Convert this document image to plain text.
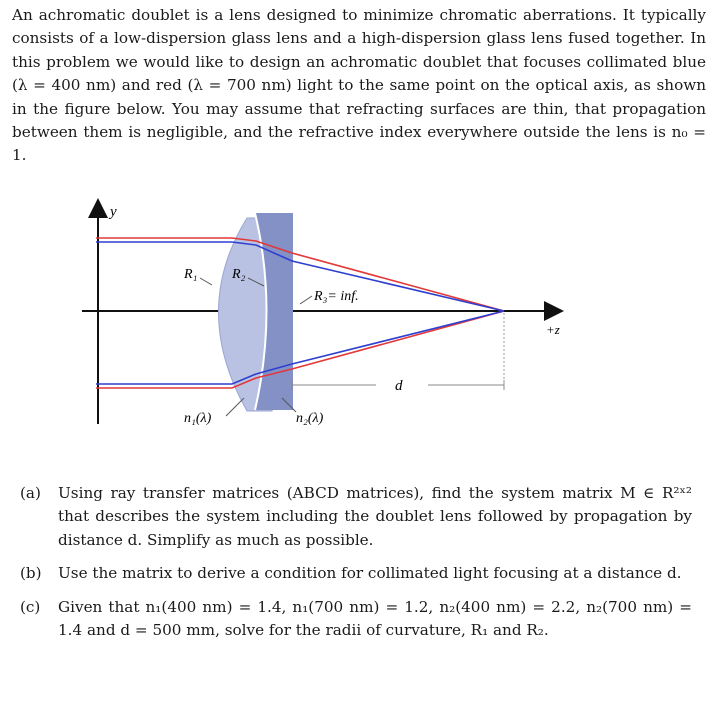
An achromatic doublet is a lens designed to minimize chromatic aberrations. It typically consists of a low-dispersion glass lens and a high-dispersion glass lens fused together. In this problem we would like to design an achromatic doublet that focuses collimated blue (λ = 400 nm) and red (λ = 700 nm) light to the same point on the optical axis, as shown in the figure below. You may assume that refracting surfaces are thin, that propagation between them is negligible, and the refractive index everywhere outside the lens is n₀ = 1.

y
+z
R₁ R₂
R₃= inf.
d
n₁(λ)	n₂(λ)
(a)	Using ray transfer matrices (ABCD matrices), find the system matrix M ∈ R²ˣ² that describes the system including the doublet lens followed by propagation by distance d. Simplify as much as possible.
(b)	Use the matrix to derive a condition for collimated light focusing at a distance d.
(c)	Given that n₁(400 nm) = 1.4, n₁(700 nm) = 1.2, n₂(400 nm) = 2.2, n₂(700 nm) = 1.4 and d = 500 mm, solve for the radii of curvature, R₁ and R₂.
